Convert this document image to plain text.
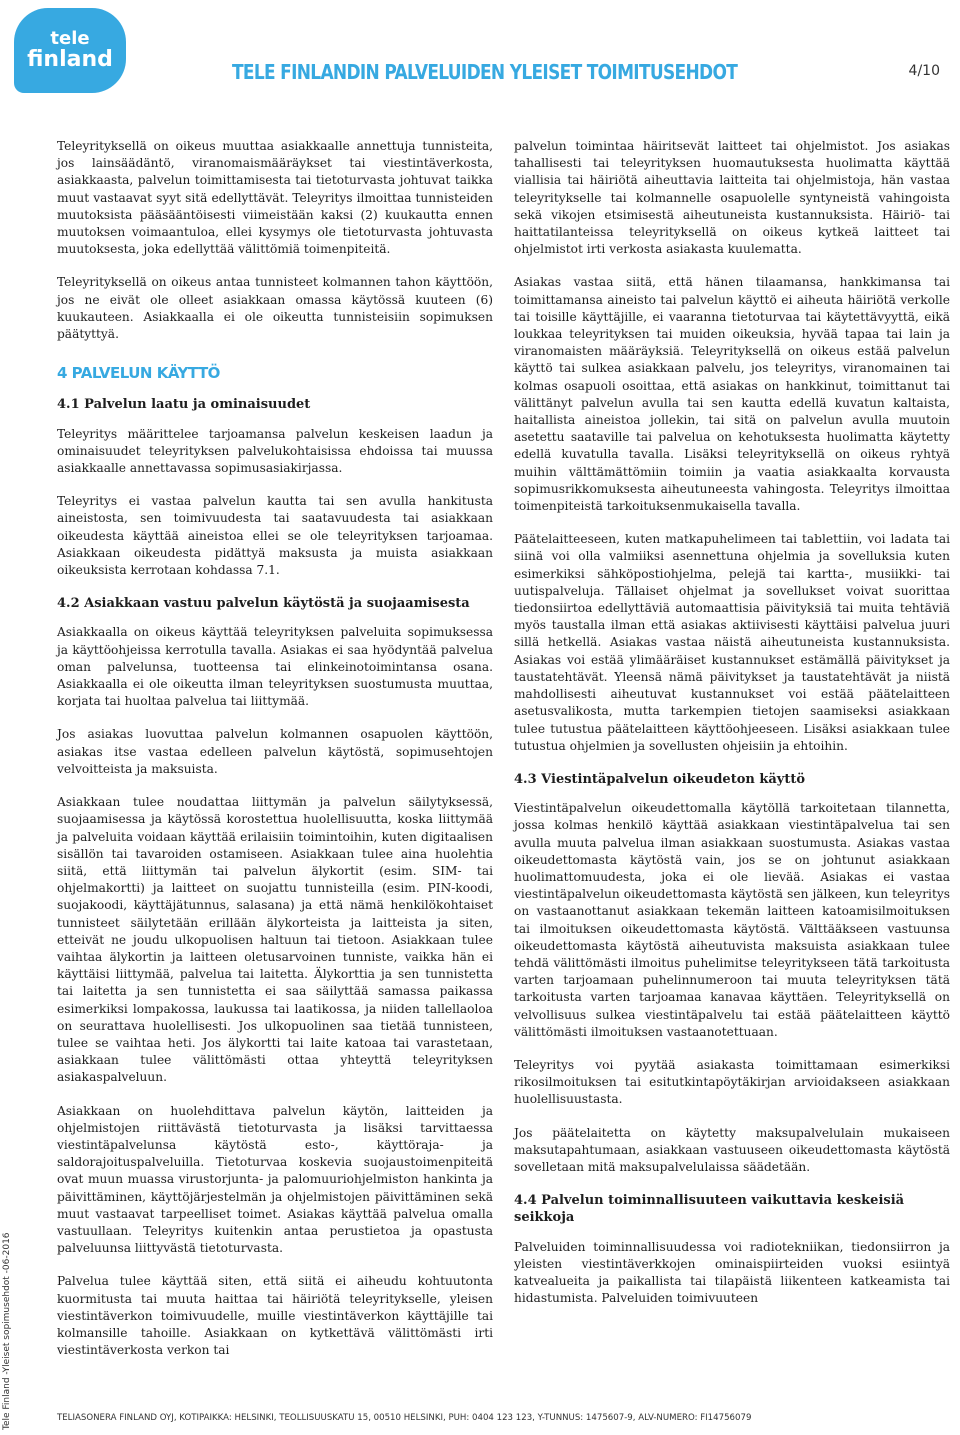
tele
finland	TELE FINLANDIN PALVELUIDEN YLEISET TOIMITUSEHDOT	4/10
Tele Finland -Yleiset sopimusehdot -06-2016

Teleyrityksellä on oikeus muuttaa asiakkaalle annettuja tunnisteita, jos lainsäädäntö, viranomaismääräykset tai viestintäverkosta, asiakkaasta, palvelun toimittamisesta tai tietoturvasta johtuvat taikka muut vastaavat syyt sitä edellyttävät. Teleyritys ilmoittaa tunnisteiden muutoksista pääsääntöisesti viimeistään kaksi (2) kuukautta ennen muutoksen voimaantuloa, ellei kysymys ole tietoturvasta johtuvasta muutoksesta, joka edellyttää välittömiä toimenpiteitä.

Teleyrityksellä on oikeus antaa tunnisteet kolmannen tahon käyttöön, jos ne eivät ole olleet asiakkaan omassa käytössä kuuteen (6) kuukauteen. Asiakkaalla ei ole oikeutta tunnisteisiin sopimuksen päätyttyä.

4 PALVELUN KÄYTTÖ
4.1 Palvelun laatu ja ominaisuudet

Teleyritys määrittelee tarjoamansa palvelun keskeisen laadun ja ominaisuudet teleyrityksen palvelukohtaisissa ehdoissa tai muussa asiakkaalle annettavassa sopimusasiakirjassa.

Teleyritys ei vastaa palvelun kautta tai sen avulla hankitusta aineistosta, sen toimivuudesta tai saatavuudesta tai asiakkaan oikeudesta käyttää aineistoa ellei se ole teleyrityksen tarjoamaa. Asiakkaan oikeudesta pidättyä maksusta ja muista asiakkaan oikeuksista kerrotaan kohdassa 7.1.

4.2 Asiakkaan vastuu palvelun käytöstä ja suojaamisesta

Asiakkaalla on oikeus käyttää teleyrityksen palveluita sopimuksessa ja käyttöohjeissa kerrotulla tavalla. Asiakas ei saa hyödyntää palvelua oman palvelunsa, tuotteensa tai elinkeinotoimintansa osana. Asiakkaalla ei ole oikeutta ilman teleyrityksen suostumusta muuttaa, korjata tai huoltaa palvelua tai liittymää.

Jos asiakas luovuttaa palvelun kolmannen osapuolen käyttöön, asiakas itse vastaa edelleen palvelun käytöstä, sopimusehtojen velvoitteista ja maksuista.

Asiakkaan tulee noudattaa liittymän ja palvelun säilytyksessä, suojaamisessa ja käytössä korostettua huolellisuutta, koska liittymää ja palveluita voidaan käyttää erilaisiin toimintoihin, kuten digitaalisen sisällön tai tavaroiden ostamiseen. Asiakkaan tulee aina huolehtia siitä, että liittymän tai palvelun älykortit (esim. SIM- tai ohjelmakortti) ja laitteet on suojattu tunnisteilla (esim. PIN-koodi, suojakoodi, käyttäjätunnus, salasana) ja että nämä henkilökohtaiset tunnisteet säilytetään erillään älykorteista ja laitteista ja siten, etteivät ne joudu ulkopuolisen haltuun tai tietoon. Asiakkaan tulee vaihtaa älykortin ja laitteen oletusarvoinen tunniste, vaikka hän ei käyttäisi liittymää, palvelua tai laitetta. Älykorttia ja sen tunnistetta tai laitetta ja sen tunnistetta ei saa säilyttää samassa paikassa esimerkiksi lompakossa, laukussa tai laatikossa, ja niiden tallellaoloa on seurattava huolellisesti. Jos ulkopuolinen saa tietää tunnisteen, tulee se vaihtaa heti. Jos älykortti tai laite katoaa tai varastetaan, asiakkaan tulee välittömästi ottaa yhteyttä teleyrityksen asiakaspalveluun.

Asiakkaan on huolehdittava palvelun käytön, laitteiden ja ohjelmistojen riittävästä tietoturvasta ja lisäksi tarvittaessa viestintäpalvelunsa käytöstä esto-, käyttöraja- ja saldorajoituspalveluilla. Tietoturvaa koskevia suojaustoimenpiteitä ovat muun muassa virustorjunta- ja palomuuriohjelmiston hankinta ja päivittäminen, käyttöjärjestelmän ja ohjelmistojen päivittäminen sekä muut vastaavat tarpeelliset toimet. Asiakas käyttää palvelua omalla vastuullaan. Teleyritys kuitenkin antaa perustietoa ja opastusta palveluunsa liittyvästä tietoturvasta.

Palvelua tulee käyttää siten, että siitä ei aiheudu kohtuutonta kuormitusta tai muuta haittaa tai häiriötä teleyritykselle, yleisen viestintäverkon toimivuudelle, muille viestintäverkon käyttäjille tai kolmansille tahoille. Asiakkaan on kytkettävä välittömästi irti viestintäverkosta verkon tai

palvelun toimintaa häiritsevät laitteet tai ohjelmistot. Jos asiakas tahallisesti tai teleyrityksen huomautuksesta huolimatta käyttää viallisia tai häiriötä aiheuttavia laitteita tai ohjelmistoja, hän vastaa teleyritykselle tai kolmannelle osapuolelle syntyneistä vahingoista sekä vikojen etsimisestä aiheutuneista kustannuksista. Häiriö- tai haittatilanteissa teleyrityksellä on oikeus kytkeä laitteet tai ohjelmistot irti verkosta asiakasta kuulematta.

Asiakas vastaa siitä, että hänen tilaamansa, hankkimansa tai toimittamansa aineisto tai palvelun käyttö ei aiheuta häiriötä verkolle tai toisille käyttäjille, ei vaaranna tietoturvaa tai käytettävyyttä, eikä loukkaa teleyrityksen tai muiden oikeuksia, hyvää tapaa tai lain ja viranomaisten määräyksiä. Teleyrityksellä on oikeus estää palvelun käyttö tai sulkea asiakkaan palvelu, jos teleyritys, viranomainen tai kolmas osapuoli osoittaa, että asiakas on hankkinut, toimittanut tai välittänyt palvelun avulla tai sen kautta edellä kuvatun kaltaista, haitallista aineistoa jollekin, tai sitä on palvelun avulla muutoin asetettu saataville tai palvelua on kehotuksesta huolimatta käytetty edellä kuvatulla tavalla. Lisäksi teleyrityksellä on oikeus ryhtyä muihin välttämättömiin toimiin ja vaatia asiakkaalta korvausta sopimusrikkomuksesta aiheutuneesta vahingosta. Teleyritys ilmoittaa toimenpiteistä tarkoituksenmukaisella tavalla.

Päätelaitteeseen, kuten matkapuhelimeen tai tablettiin, voi ladata tai siinä voi olla valmiiksi asennettuna ohjelmia ja sovelluksia kuten esimerkiksi sähköpostiohjelma, pelejä tai kartta-, musiikki- tai uutispalveluja. Tällaiset ohjelmat ja sovellukset voivat suorittaa tiedonsiirtoa edellyttäviä automaattisia päivityksiä tai muita tehtäviä myös taustalla ilman että asiakas aktiivisesti käyttäisi palvelua juuri sillä hetkellä. Asiakas vastaa näistä aiheutuneista kustannuksista. Asiakas voi estää ylimääräiset kustannukset estämällä päivitykset ja taustatehtävät. Yleensä nämä päivitykset ja taustatehtävät ja niistä mahdollisesti aiheutuvat kustannukset voi estää päätelaitteen asetusvalikosta, mutta tarkempien tietojen saamiseksi asiakkaan tulee tutustua päätelaitteen käyttöohjeeseen. Lisäksi asiakkaan tulee tutustua ohjelmien ja sovellusten ohjeisiin ja ehtoihin.

4.3 Viestintäpalvelun oikeudeton käyttö

Viestintäpalvelun oikeudettomalla käytöllä tarkoitetaan tilannetta, jossa kolmas henkilö käyttää asiakkaan viestintäpalvelua tai sen avulla muuta palvelua ilman asiakkaan suostumusta. Asiakas vastaa oikeudettomasta käytöstä vain, jos se on johtunut asiakkaan huolimattomuudesta, joka ei ole lievää. Asiakas ei vastaa viestintäpalvelun oikeudettomasta käytöstä sen jälkeen, kun teleyritys on vastaanottanut asiakkaan tekemän laitteen katoamisilmoituksen tai ilmoituksen oikeudettomasta käytöstä. Välttääkseen vastuunsa oikeudettomasta käytöstä aiheutuvista maksuista asiakkaan tulee tehdä välittömästi ilmoitus puhelimitse teleyritykseen tätä tarkoitusta varten tarjoamaan puhelinnumeroon tai muuta teleyrityksen tätä tarkoitusta varten tarjoamaa kanavaa käyttäen. Teleyrityksellä on velvollisuus sulkea viestintäpalvelu tai estää päätelaitteen käyttö välittömästi ilmoituksen vastaanotettuaan.

Teleyritys voi pyytää asiakasta toimittamaan esimerkiksi rikosilmoituksen tai esitutkintapöytäkirjan arvioidakseen asiakkaan huolellisuustasta.

Jos päätelaitetta on käytetty maksupalvelulain mukaiseen maksutapahtumaan, asiakkaan vastuuseen oikeudettomasta käytöstä sovelletaan mitä maksupalvelulaissa säädetään.

4.4 Palvelun toiminnallisuuteen vaikuttavia keskeisiä seikkoja

Palveluiden toiminnallisuudessa voi radiotekniikan, tiedonsiirron ja yleisten viestintäverkkojen ominaispiirteiden vuoksi esiintyä katvealueita ja paikallista tai tilapäistä liikenteen katkeamista tai hidastumista. Palveluiden toimivuuteen

TELIASONERA FINLAND OYJ, KOTIPAIKKA: HELSINKI, TEOLLISUUSKATU 15, 00510 HELSINKI, PUH: 0404 123 123, Y-TUNNUS: 1475607-9, ALV-NUMERO: FI14756079
